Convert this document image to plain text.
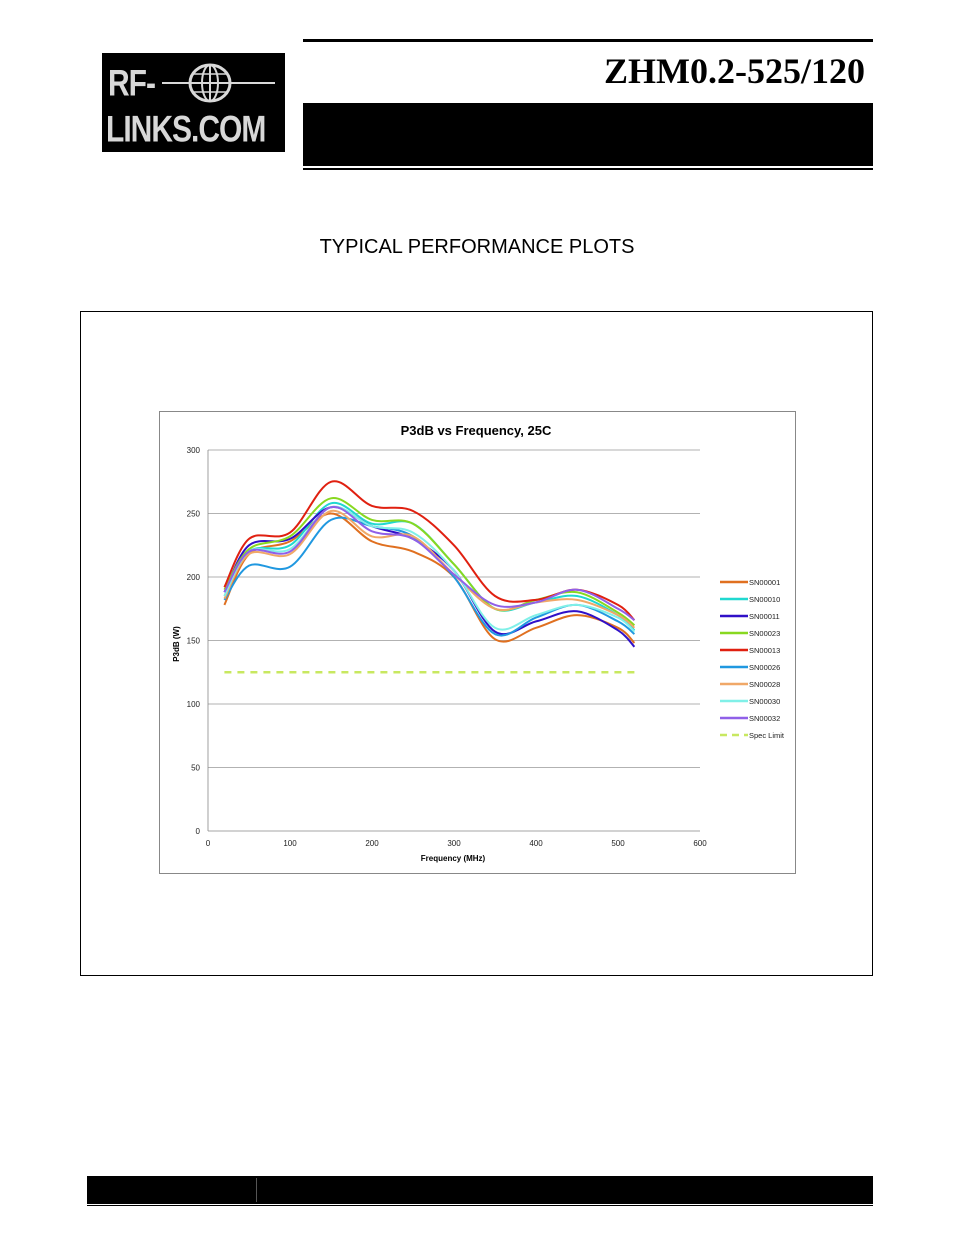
RF-
LINKS.COM
ZHM0.2-525/120
TYPICAL PERFORMANCE PLOTS
P3dB vs Frequency, 25C
0
50
100
150
200
250
300
0	100	200	300	400	500	600
SN00001
SN00010
SN00011
SN00023
SN00013
SN00026
SN00028
SN00030
SN00032
Spec Limit
Frequency (MHz)
P3dB (W)
